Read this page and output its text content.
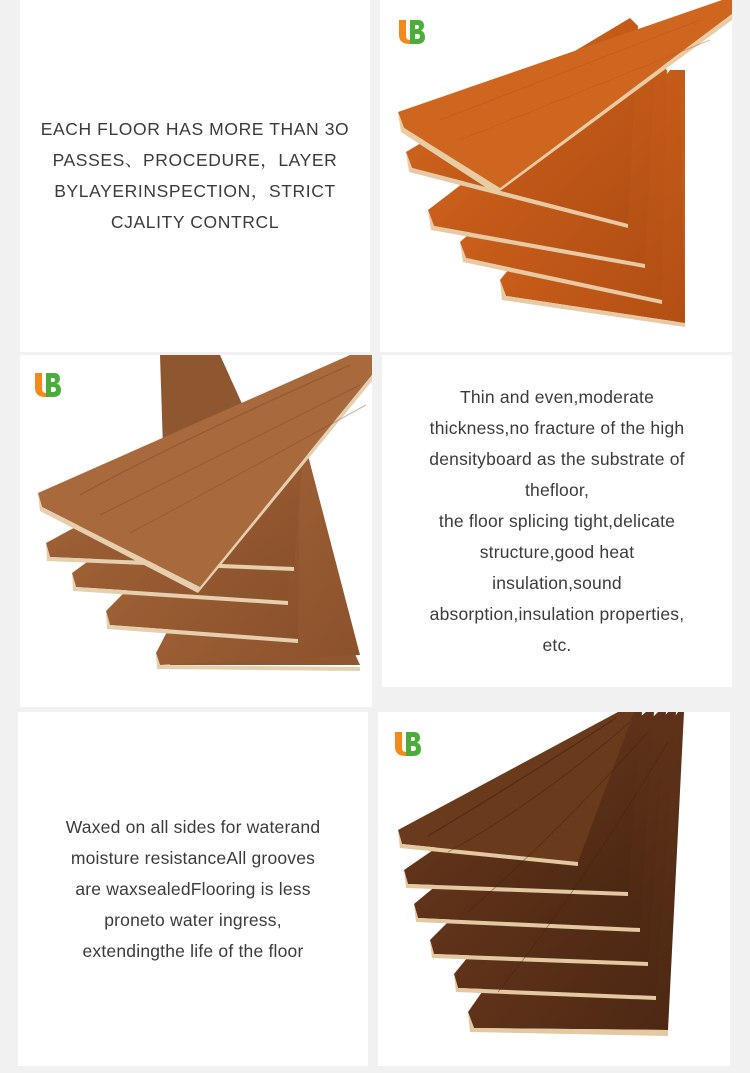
EACH FLOOR HAS MORE THAN 3O
PASSES、PROCEDURE，LAYER
BYLAYERINSPECTION，STRICT
CJALITY CONTRCL
Thin and even,moderate
thickness,no fracture of the high
densityboard as the substrate of
thefloor,
the floor splicing tight,delicate
structure,good heat
insulation,sound
absorption,insulation properties,
etc.
Waxed on all sides for waterand
moisture resistanceAll grooves
are waxsealedFlooring is less
proneto water ingress,
extendingthe life of the floor
